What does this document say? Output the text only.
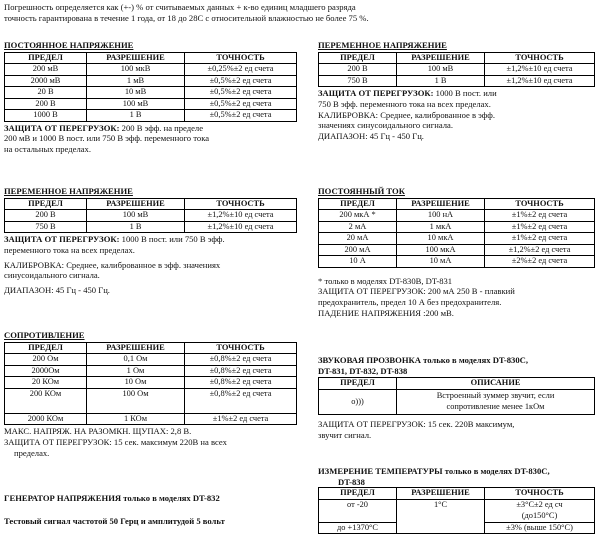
Погрешность определяется как (+-) % от считываемых данных + к-во единиц младшего разряда
точность гарантирована в течение 1 года, от 18 до 28С с относительной влажностью не более 75 %.
ПОСТОЯННОЕ НАПРЯЖЕНИЕ
ПРЕДЕЛ	РАЗРЕШЕНИЕ	ТОЧНОСТЬ
200 мВ	100 мкВ	±0,25%±2 ед счета
2000 мВ	1 мВ	±0,5%±2 ед счета
20 В	10 мВ	±0,5%±2 ед счета
200 В	100 мВ	±0,5%±2 ед счета
1000 В	1 В	±0,5%±2 ед счета
ЗАЩИТА ОТ ПЕРЕГРУЗОК: 200 В эфф. на пределе
200 мВ и 1000 В пост. или 750 В эфф. переменного тока
на остальных пределах.
ПЕРЕМЕННОЕ НАПРЯЖЕНИЕ
ПРЕДЕЛ	РАЗРЕШЕНИЕ	ТОЧНОСТЬ
200 В	100 мВ	±1,2%±10 ед счета
750 В	1 В	±1,2%±10 ед счета
ЗАЩИТА ОТ ПЕРЕГРУЗОК: 1000 В пост. или 750 В эфф.
переменного тока на всех пределах.
КАЛИБРОВКА: Среднее, калиброванное в эфф. значениях
синусоидального сигнала.
ДИАПАЗОН: 45 Гц - 450 Гц.
СОПРОТИВЛЕНИЕ
ПРЕДЕЛ	РАЗРЕШЕНИЕ	ТОЧНОСТЬ
200 Ом	0,1 Ом	±0,8%±2 ед счета
2000Ом	1 Ом	±0,8%±2 ед счета
20 КОм	10 Ом	±0,8%±2 ед счета
200 КОм	100 Ом	±0,8%±2 ед счета
2000 КОм	1 КОм	±1%±2 ед счета
МАКС. НАПРЯЖ. НА РАЗОМКН. ЩУПАХ: 2,8 В.
ЗАЩИТА ОТ ПЕРЕГРУЗОК: 15 сек. максимум 220В на всех
пределах.
ГЕНЕРАТОР НАПРЯЖЕНИЯ только в моделях DT-832
Тестовый сигнал частотой 50 Герц и амплитудой 5 вольт
ПЕРЕМЕННОЕ НАПРЯЖЕНИЕ
ПРЕДЕЛ	РАЗРЕШЕНИЕ	ТОЧНОСТЬ
200 В	100 мВ	±1,2%±10 ед счета
750 В	1 В	±1,2%±10 ед счета
ЗАЩИТА ОТ ПЕРЕГРУЗОК: 1000 В пост. или
750 В эфф. переменного тока на всех пределах.
КАЛИБРОВКА: Среднее, калиброванное в эфф.
значениях синусоидального сигнала.
ДИАПАЗОН: 45 Гц - 450 Гц.
ПОСТОЯННЫЙ ТОК
ПРЕДЕЛ	РАЗРЕШЕНИЕ	ТОЧНОСТЬ
200 мкА *	100 нА	±1%±2 ед счета
2 мА	1 мкА	±1%±2 ед счета
20 мА	10 мкА	±1%±2 ед счета
200 мА	100 мкА	±1,2%±2 ед счета
10 А	10 мА	±2%±2 ед счета
* только в моделях DT-830B, DT-831
ЗАЩИТА ОТ ПЕРЕГРУЗОК: 200 мА 250 В - плавкий
предохранитель, предел 10 А без предохранителя.
ПАДЕНИЕ НАПРЯЖЕНИЯ :200 мВ.
ЗВУКОВАЯ ПРОЗВОНКА только в моделях DT-830C,
DT-831, DT-832, DT-838
ПРЕДЕЛ	ОПИСАНИЕ
o)))	Встроенный зуммер звучит, если
сопротивление менее 1кОм
ЗАЩИТА ОТ ПЕРЕГРУЗОК: 15 сек. 220В максимум,
звучит сигнал.
ИЗМЕРЕНИЕ ТЕМПЕРАТУРЫ только в моделях DT-830C,
DT-838
ПРЕДЕЛ	РАЗРЕШЕНИЕ	ТОЧНОСТЬ
от -20	1°C	±3°C±2 ед сч
(до150°C)

до +1370°C		±3% (выше 150°C)
